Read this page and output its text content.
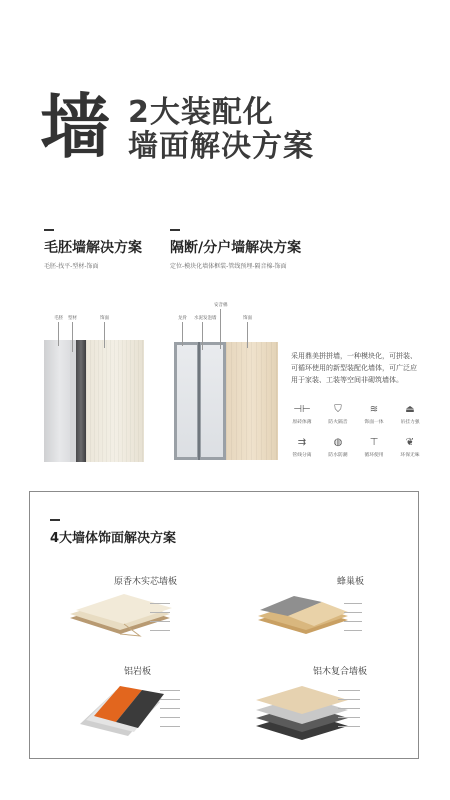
墙 2大装配化
墙面解决方案
毛胚墙解决方案
毛胚-找平-型材-饰面
隔断/分户墙解决方案
定位-模块化墙体框装-管线预埋-隔音棉-饰面
毛胚 型材	饰面
安音棉
龙骨 水泥发泡墙	饰面
采用鼎美拼拼墙，一种模块化，可拼装、可循环使用的新型装配化墙体，可广泛应用于家装、工装等空间非砌筑墙体。
⊣⊢
原砖体薄
⛉
防火隔音
≋
饰面一体
⏏
吊挂力强
⇉
管线分离
◍
防水防潮
⊤
循环使用
❦
环保无味
4大墙体饰面解决方案
原香木实芯墙板	蜂巢板
铝岩板	铝木复合墙板
